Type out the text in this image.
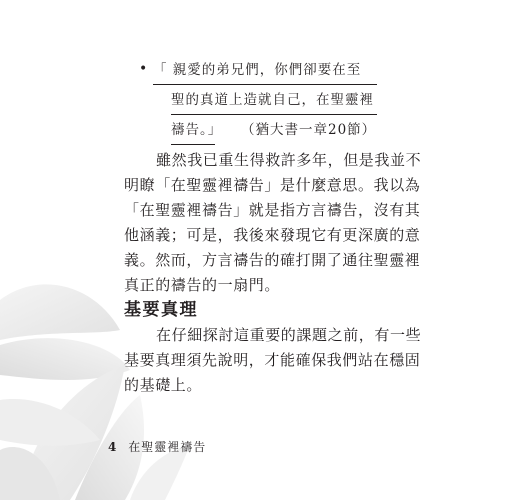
• 「 親愛的弟兄們，你們卻要在至
聖的真道上造就自己，在聖靈裡
禱告。」 （猶大書一章20節）
雖然我已重生得救許多年，但是我並不
明瞭「在聖靈裡禱告」是什麼意思。我以為
「在聖靈裡禱告」就是指方言禱告，沒有其
他涵義；可是，我後來發現它有更深廣的意
義。然而，方言禱告的確打開了通往聖靈裡
真正的禱告的一扇門。
基要真理
在仔細探討這重要的課題之前，有一些
基要真理須先說明，才能確保我們站在穩固
的基礎上。
4 在聖靈裡禱告
